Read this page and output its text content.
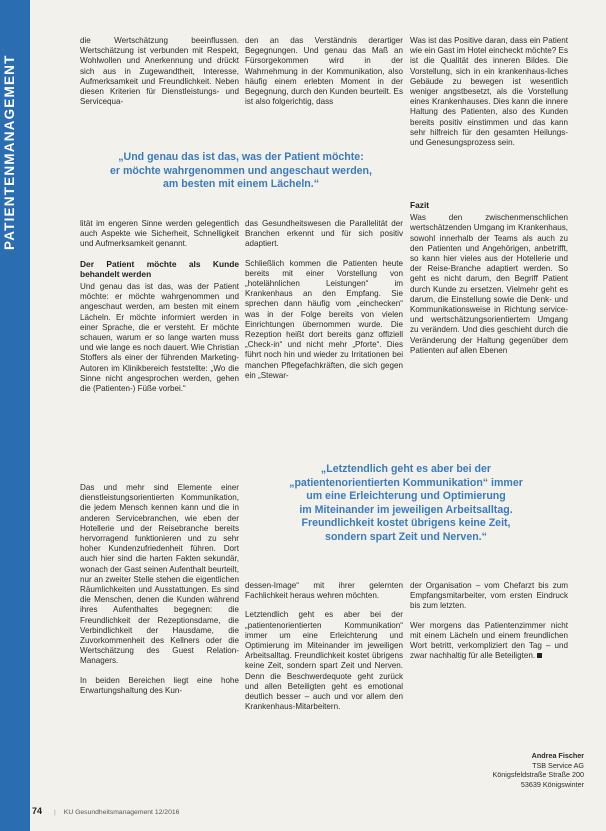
PATIENTENMANAGEMENT

die Wertschätzung beeinflussen. Wertschätzung ist verbunden mit Respekt, Wohlwollen und Anerkennung und drückt sich aus in Zugewandtheit, Interesse, Aufmerksamkeit und Freundlichkeit. Neben diesen Kriterien für Dienstleistungs- und Servicequa-

den an das Verständnis derartiger Begegnungen. Und genau das Maß an Fürsorgekommen wird in der Wahrnehmung in der Kommunikation, also häufig einem erlebten Moment in der Begegnung, durch den Kunden beurteilt. Es ist also folgerichtig, dass

Was ist das Positive daran, dass ein Patient wie ein Gast im Hotel eincheckt möchte? Es ist die Qualität des inneren Bildes. Die Vorstellung, sich in ein krankenhaus-liches Gebäude zu bewegen ist wesentlich weniger angstbesetzt, als die Vorstellung eines Krankenhauses. Dies kann die innere Haltung des Patienten, also des Kunden bereits positiv einstimmen und das kann sehr hilfreich für den gesamten Heilungs- und Genesungsprozess sein.

„Und genau das ist das, was der Patient möchte:

er möchte wahrgenommen und angeschaut werden,

am besten mit einem Lächeln.“

lität im engeren Sinne werden gelegentlich auch Aspekte wie Sicherheit, Schnelligkeit und Aufmerksamkeit genannt.

Der Patient möchte als Kunde behandelt werden

Und genau das ist das, was der Patient möchte: er möchte wahrgenommen und angeschaut werden, am besten mit einem Lächeln. Er möchte informiert werden in einer Sprache, die er versteht. Er möchte schauen, warum er so lange warten muss und wie lange es noch dauert. Wie Christian Stoffers als einer der führenden Marketing-Autoren im Klinikbereich feststellte: „Wo die Sinne nicht angesprochen werden, gehen die (Patienten-) Füße vorbei.“

das Gesundheitswesen die Parallelität der Branchen erkennt und für sich positiv adaptiert.

Schließlich kommen die Patienten heute bereits mit einer Vorstellung von „hotelähnlichen Leistungen“ im Krankenhaus an den Empfang. Sie sprechen dann häufig vom „einchecken“ was in der Folge bereits von vielen Einrichtungen übernommen wurde. Die Rezeption heißt dort bereits ganz offiziell „Check-in“ und nicht mehr „Pforte“. Dies führt noch hin und wieder zu Irritationen bei manchen Pflegefachkräften, die sich gegen ein „Stewar-

Fazit

Was den zwischenmenschlichen wertschätzenden Umgang im Krankenhaus, sowohl innerhalb der Teams als auch zu den Patienten und Angehörigen, anbetrifft, so kann hier vieles aus der Hotellerie und der Reise-Branche adaptiert werden. So geht es nicht darum, den Begriff Patient durch Kunde zu ersetzen. Vielmehr geht es darum, die Einstellung sowie die Denk- und Kommunikationsweise in Richtung service- und wertschätzungsorientiertem Umgang zu verändern. Und dies geschieht durch die Veränderung der Haltung gegenüber dem Patienten auf allen Ebenen

„Letztendlich geht es aber bei der

„patientenorientierten Kommunikation“ immer

um eine Erleichterung und Optimierung

im Miteinander im jeweiligen Arbeitsalltag.

Freundlichkeit kostet übrigens keine Zeit,

sondern spart Zeit und Nerven.“

Das und mehr sind Elemente einer dienstleistungsorientierten Kommunikation, die jedem Mensch kennen kann und die in anderen Servicebranchen, wie eben der Hotellerie und der Reisebranche bereits hervorragend funktionieren und zu sehr hoher Kundenzufriedenheit führen. Dort auch hier sind die harten Fakten sekundär, wonach der Gast seinen Aufenthalt beurteilt, nur an zweiter Stelle stehen die eigentlichen Räumlichkeiten und Ausstattungen. Es sind die Menschen, denen die Kunden während ihres Aufenthaltes begegnen: die Freundlichkeit der Rezeptionsdame, die Verbindlichkeit der Hausdame, die Zuvorkommenheit des Kellners oder die Wertschätzung des Guest Relation-Managers.

In beiden Bereichen liegt eine hohe Erwartungshaltung des Kun-

dessen-Image“ mit ihrer gelernten Fachlichkeit heraus wehren möchten.

Letztendlich geht es aber bei der „patientenorientierten Kommunikation“ immer um eine Erleichterung und Optimierung im Miteinander im jeweiligen Arbeitsalltag. Freundlichkeit kostet übrigens keine Zeit, sondern spart Zeit und Nerven. Denn die Beschwerdequote geht zurück und allen Beteiligten geht es emotional deutlich besser – auch und vor allem den Krankenhaus-Mitarbeitern.

der Organisation – vom Chefarzt bis zum Empfangsmitarbeiter, vom ersten Eindruck bis zum letzten.

Wer morgens das Patientenzimmer nicht mit einem Lächeln und einem freundlichen Wort betritt, verkompliziert den Tag – und zwar nachhaltig für alle Beteiligten.

Andrea Fischer

TSB Service AG

Königsfeldstraße Straße 200

53639 Königswinter

74 | KU Gesundheitsmanagement 12/2016
